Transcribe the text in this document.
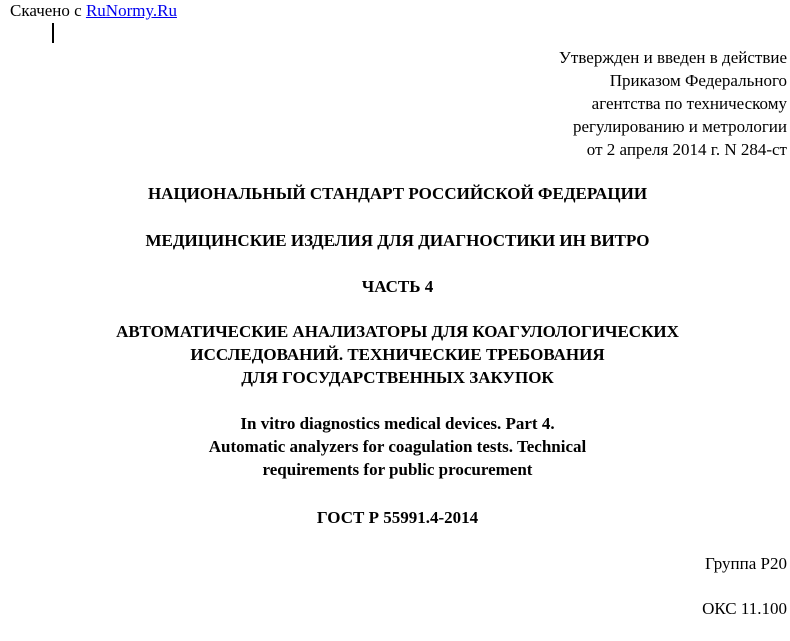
Скачено с RuNormy.Ru
Утвержден и введен в действие
Приказом Федерального
агентства по техническому
регулированию и метрологии
от 2 апреля 2014 г. N 284-ст
НАЦИОНАЛЬНЫЙ СТАНДАРТ РОССИЙСКОЙ ФЕДЕРАЦИИ
МЕДИЦИНСКИЕ ИЗДЕЛИЯ ДЛЯ ДИАГНОСТИКИ ИН ВИТРО
ЧАСТЬ 4
АВТОМАТИЧЕСКИЕ АНАЛИЗАТОРЫ ДЛЯ КОАГУЛОЛОГИЧЕСКИХ
ИССЛЕДОВАНИЙ. ТЕХНИЧЕСКИЕ ТРЕБОВАНИЯ
ДЛЯ ГОСУДАРСТВЕННЫХ ЗАКУПОК
In vitro diagnostics medical devices. Part 4.
Automatic analyzers for coagulation tests. Technical
requirements for public procurement
ГОСТ Р 55991.4-2014
Группа Р20
ОКС 11.100
